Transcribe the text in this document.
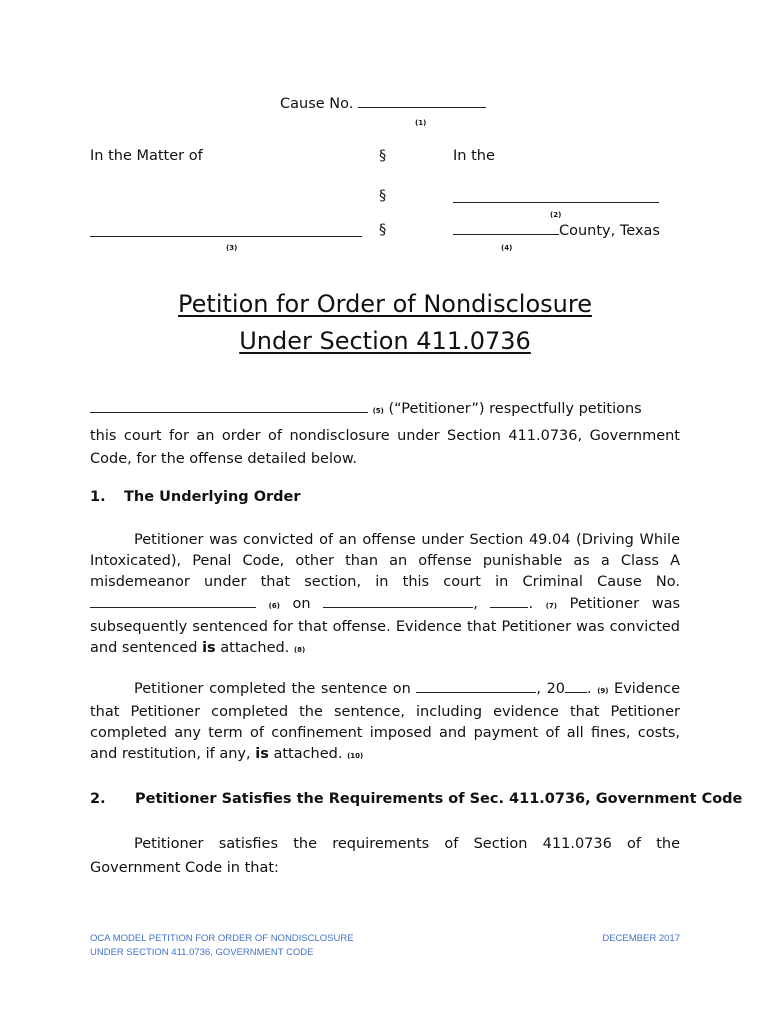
Cause No.
(1)
In the Matter of	§	In the
§
(2)
§	County, Texas
(3)	(4)
Petition for Order of Nondisclosure
Under Section 411.0736
(5) (“Petitioner”) respectfully petitions
this court for an order of nondisclosure under Section 411.0736, Government Code, for the offense detailed below.
1. The Underlying Order
Petitioner was convicted of an offense under Section 49.04 (Driving While Intoxicated), Penal Code, other than an offense punishable as a Class A misdemeanor under that section, in this court in Criminal Cause No.  (6) on	,	. (7) Petitioner was subsequently sentenced for that offense. Evidence that Petitioner was convicted and sentenced is attached. (8)
Petitioner completed the sentence on	, 20 . (9) Evidence that Petitioner completed the sentence, including evidence that Petitioner completed any term of confinement imposed and payment of all fines, costs, and restitution, if any, is attached. (10)
2. Petitioner Satisfies the Requirements of Sec. 411.0736, Government Code
Petitioner satisfies the requirements of Section 411.0736 of the Government Code in that:
OCA MODEL PETITION FOR ORDER OF NONDISCLOSURE
UNDER SECTION 411.0736, GOVERNMENT CODE
DECEMBER 2017
